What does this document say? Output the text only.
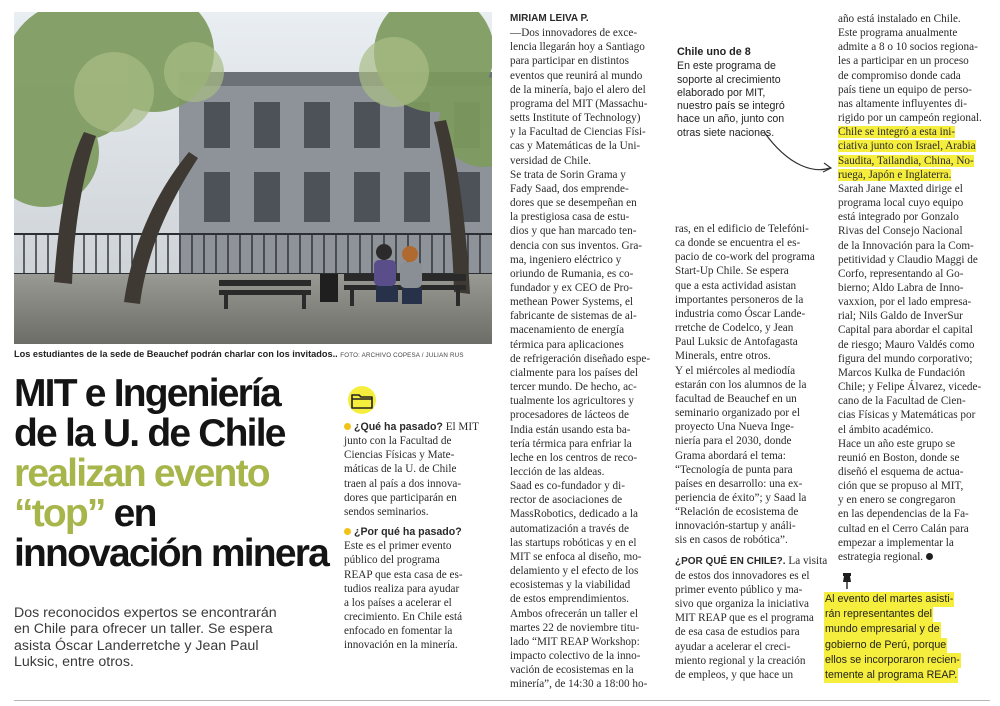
Los estudiantes de la sede de Beauchef podrán charlar con los invitados.. FOTO: ARCHIVO COPESA / JULIAN RUS
MIT e Ingeniería
de la U. de Chile
realizan evento
“top” en
innovación minera
Dos reconocidos expertos se encontrarán
en Chile para ofrecer un taller. Se espera
asista Óscar Landerretche y Jean Paul
Luksic, entre otros.
¿Qué ha pasado? El MIT
junto con la Facultad de
Ciencias Físicas y Mate-
máticas de la U. de Chile
traen al país a dos innova-
dores que participarán en
sendos seminarios.
¿Por qué ha pasado?
Este es el primer evento
público del programa
REAP que esta casa de es-
tudios realiza para ayudar
a los países a acelerar el
crecimiento. En Chile está
enfocado en fomentar la
innovación en la minería.
MIRIAM LEIVA P.
—Dos innovadores de exce-
lencia llegarán hoy a Santiago
para participar en distintos
eventos que reunirá al mundo
de la minería, bajo el alero del
programa del MIT (Massachu-
setts Institute of Technology)
y la Facultad de Ciencias Físi-
cas y Matemáticas de la Uni-
versidad de Chile.
Se trata de Sorin Grama y
Fady Saad, dos emprende-
dores que se desempeñan en
la prestigiosa casa de estu-
dios y que han marcado ten-
dencia con sus inventos. Gra-
ma, ingeniero eléctrico y
oriundo de Rumania, es co-
fundador y ex CEO de Pro-
methean Power Systems, el
fabricante de sistemas de al-
macenamiento de energía
térmica para aplicaciones
de refrigeración diseñado espe-
cialmente para los países del
tercer mundo. De hecho, ac-
tualmente los agricultores y
procesadores de lácteos de
India están usando esta ba-
tería térmica para enfriar la
leche en los centros de reco-
lección de las aldeas.
Saad es co-fundador y di-
rector de asociaciones de
MassRobotics, dedicado a la
automatización a través de
las startups robóticas y en el
MIT se enfoca al diseño, mo-
delamiento y el efecto de los
ecosistemas y la viabilidad
de estos emprendimientos.
Ambos ofrecerán un taller el
martes 22 de noviembre titu-
lado “MIT REAP Workshop:
impacto colectivo de la inno-
vación de ecosistemas en la
minería”, de 14:30 a 18:00 ho-
Chile uno de 8
En este programa de
soporte al crecimiento
elaborado por MIT,
nuestro país se integró
hace un año, junto con
otras siete naciones.
ras, en el edificio de Telefóni-
ca donde se encuentra el es-
pacio de co-work del programa
Start-Up Chile. Se espera
que a esta actividad asistan
importantes personeros de la
industria como Óscar Lande-
rretche de Codelco, y Jean
Paul Luksic de Antofagasta
Minerals, entre otros.
Y el miércoles al mediodía
estarán con los alumnos de la
facultad de Beauchef en un
seminario organizado por el
proyecto Una Nueva Inge-
niería para el 2030, donde
Grama abordará el tema:
“Tecnología de punta para
países en desarrollo: una ex-
periencia de éxito”; y Saad la
“Relación de ecosistema de
innovación-startup y análi-
sis en casos de robótica”.
¿POR QUÉ EN CHILE?. La visita
de estos dos innovadores es el
primer evento público y ma-
sivo que organiza la iniciativa
MIT REAP que es el programa
de esa casa de estudios para
ayudar a acelerar el creci-
miento regional y la creación
de empleos, y que hace un
año está instalado en Chile.
Este programa anualmente
admite a 8 o 10 socios regiona-
les a participar en un proceso
de compromiso donde cada
país tiene un equipo de perso-
nas altamente influyentes di-
rigido por un campeón regional.
Chile se integró a esta ini-
ciativa junto con Israel, Arabia
Saudita, Tailandia, China, No-
ruega, Japón e Inglaterra.
Sarah Jane Maxted dirige el
programa local cuyo equipo
está integrado por Gonzalo
Rivas del Consejo Nacional
de la Innovación para la Com-
petitividad y Claudio Maggi de
Corfo, representando al Go-
bierno; Aldo Labra de Inno-
vaxxion, por el lado empresa-
rial; Nils Galdo de InverSur
Capital para abordar el capital
de riesgo; Mauro Valdés como
figura del mundo corporativo;
Marcos Kulka de Fundación
Chile; y Felipe Álvarez, vicede-
cano de la Facultad de Cien-
cias Físicas y Matemáticas por
el ámbito académico.
Hace un año este grupo se
reunió en Boston, donde se
diseñó el esquema de actua-
ción que se propuso al MIT,
y en enero se congregaron
en las dependencias de la Fa-
cultad en el Cerro Calán para
empezar a implementar la
estrategia regional.
Al evento del martes asisti-
rán representantes del
mundo empresarial y de
gobierno de Perú, porque
ellos se incorporaron recien-
temente al programa REAP.
